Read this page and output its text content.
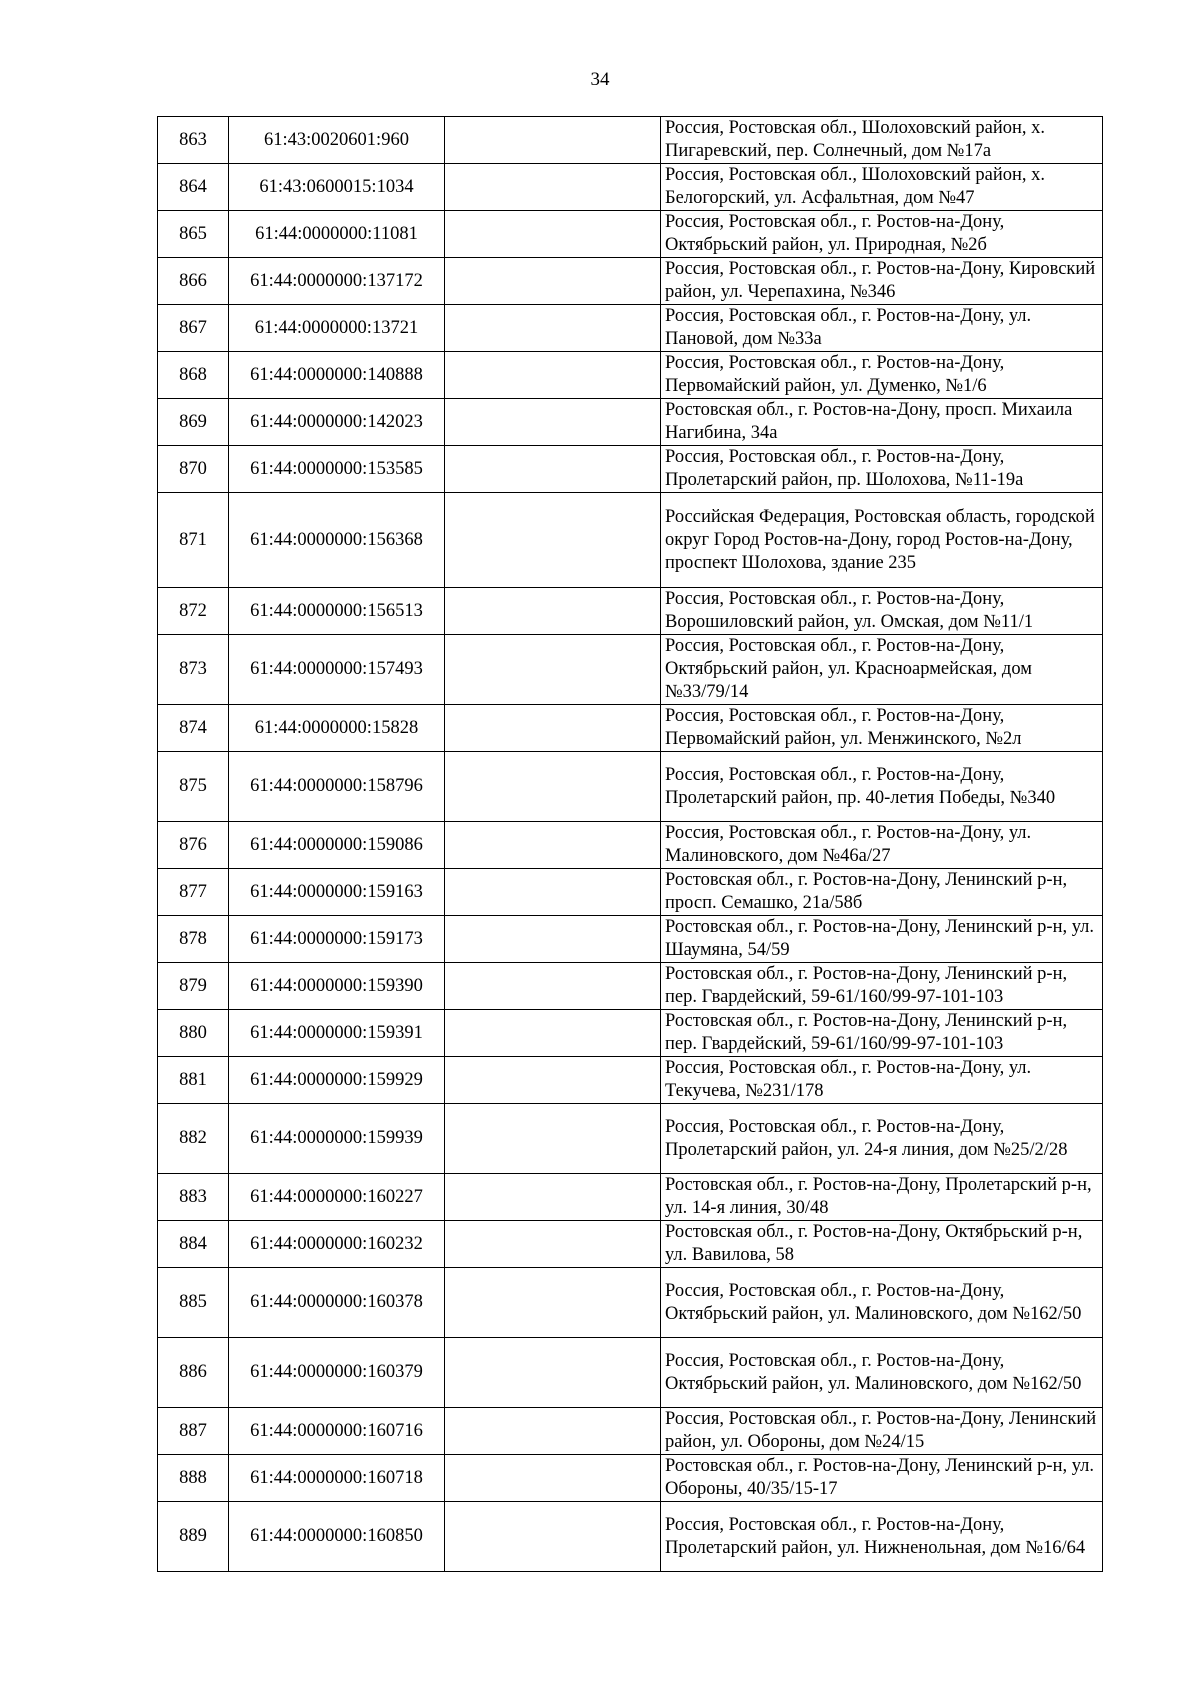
34
863	61:43:0020601:960		Россия, Ростовская обл., Шолоховский район, х. Пигаревский, пер. Солнечный, дом №17а
864	61:43:0600015:1034		Россия, Ростовская обл., Шолоховский район, х. Белогорский, ул. Асфальтная, дом №47
865	61:44:0000000:11081		Россия, Ростовская обл., г. Ростов-на-Дону, Октябрьский район, ул. Природная, №2б
866	61:44:0000000:137172		Россия, Ростовская обл., г. Ростов-на-Дону, Кировский район, ул. Черепахина, №346
867	61:44:0000000:13721		Россия, Ростовская обл., г. Ростов-на-Дону, ул. Пановой, дом №33а
868	61:44:0000000:140888		Россия, Ростовская обл., г. Ростов-на-Дону, Первомайский район, ул. Думенко, №1/6
869	61:44:0000000:142023		Ростовская обл., г. Ростов-на-Дону, просп. Михаила Нагибина, 34а
870	61:44:0000000:153585		Россия, Ростовская обл., г. Ростов-на-Дону, Пролетарский район, пр. Шолохова, №11-19а
871	61:44:0000000:156368		Российская Федерация, Ростовская область, городской округ Город Ростов-на-Дону, город Ростов-на-Дону, проспект Шолохова, здание 235
872	61:44:0000000:156513		Россия, Ростовская обл., г. Ростов-на-Дону, Ворошиловский район, ул. Омская, дом №11/1
873	61:44:0000000:157493		Россия, Ростовская обл., г. Ростов-на-Дону, Октябрьский район, ул. Красноармейская, дом №33/79/14
874	61:44:0000000:15828		Россия, Ростовская обл., г. Ростов-на-Дону, Первомайский район, ул. Менжинского, №2л
875	61:44:0000000:158796		Россия, Ростовская обл., г. Ростов-на-Дону, Пролетарский район, пр. 40-летия Победы, №340
876	61:44:0000000:159086		Россия, Ростовская обл., г. Ростов-на-Дону, ул. Малиновского, дом №46а/27
877	61:44:0000000:159163		Ростовская обл., г. Ростов-на-Дону, Ленинский р-н, просп. Семашко, 21а/58б
878	61:44:0000000:159173		Ростовская обл., г. Ростов-на-Дону, Ленинский р-н, ул. Шаумяна, 54/59
879	61:44:0000000:159390		Ростовская обл., г. Ростов-на-Дону, Ленинский р-н, пер. Гвардейский, 59-61/160/99-97-101-103
880	61:44:0000000:159391		Ростовская обл., г. Ростов-на-Дону, Ленинский р-н, пер. Гвардейский, 59-61/160/99-97-101-103
881	61:44:0000000:159929		Россия, Ростовская обл., г. Ростов-на-Дону, ул. Текучева, №231/178
882	61:44:0000000:159939		Россия, Ростовская обл., г. Ростов-на-Дону, Пролетарский район, ул. 24-я линия, дом №25/2/28
883	61:44:0000000:160227		Ростовская обл., г. Ростов-на-Дону, Пролетарский р-н, ул. 14-я линия, 30/48
884	61:44:0000000:160232		Ростовская обл., г. Ростов-на-Дону, Октябрьский р-н, ул. Вавилова, 58
885	61:44:0000000:160378		Россия, Ростовская обл., г. Ростов-на-Дону, Октябрьский район, ул. Малиновского, дом №162/50
886	61:44:0000000:160379		Россия, Ростовская обл., г. Ростов-на-Дону, Октябрьский район, ул. Малиновского, дом №162/50
887	61:44:0000000:160716		Россия, Ростовская обл., г. Ростов-на-Дону, Ленинский район, ул. Обороны, дом №24/15
888	61:44:0000000:160718		Ростовская обл., г. Ростов-на-Дону, Ленинский р-н, ул. Обороны, 40/35/15-17
889	61:44:0000000:160850		Россия, Ростовская обл., г. Ростов-на-Дону, Пролетарский район, ул. Нижненольная, дом №16/64
